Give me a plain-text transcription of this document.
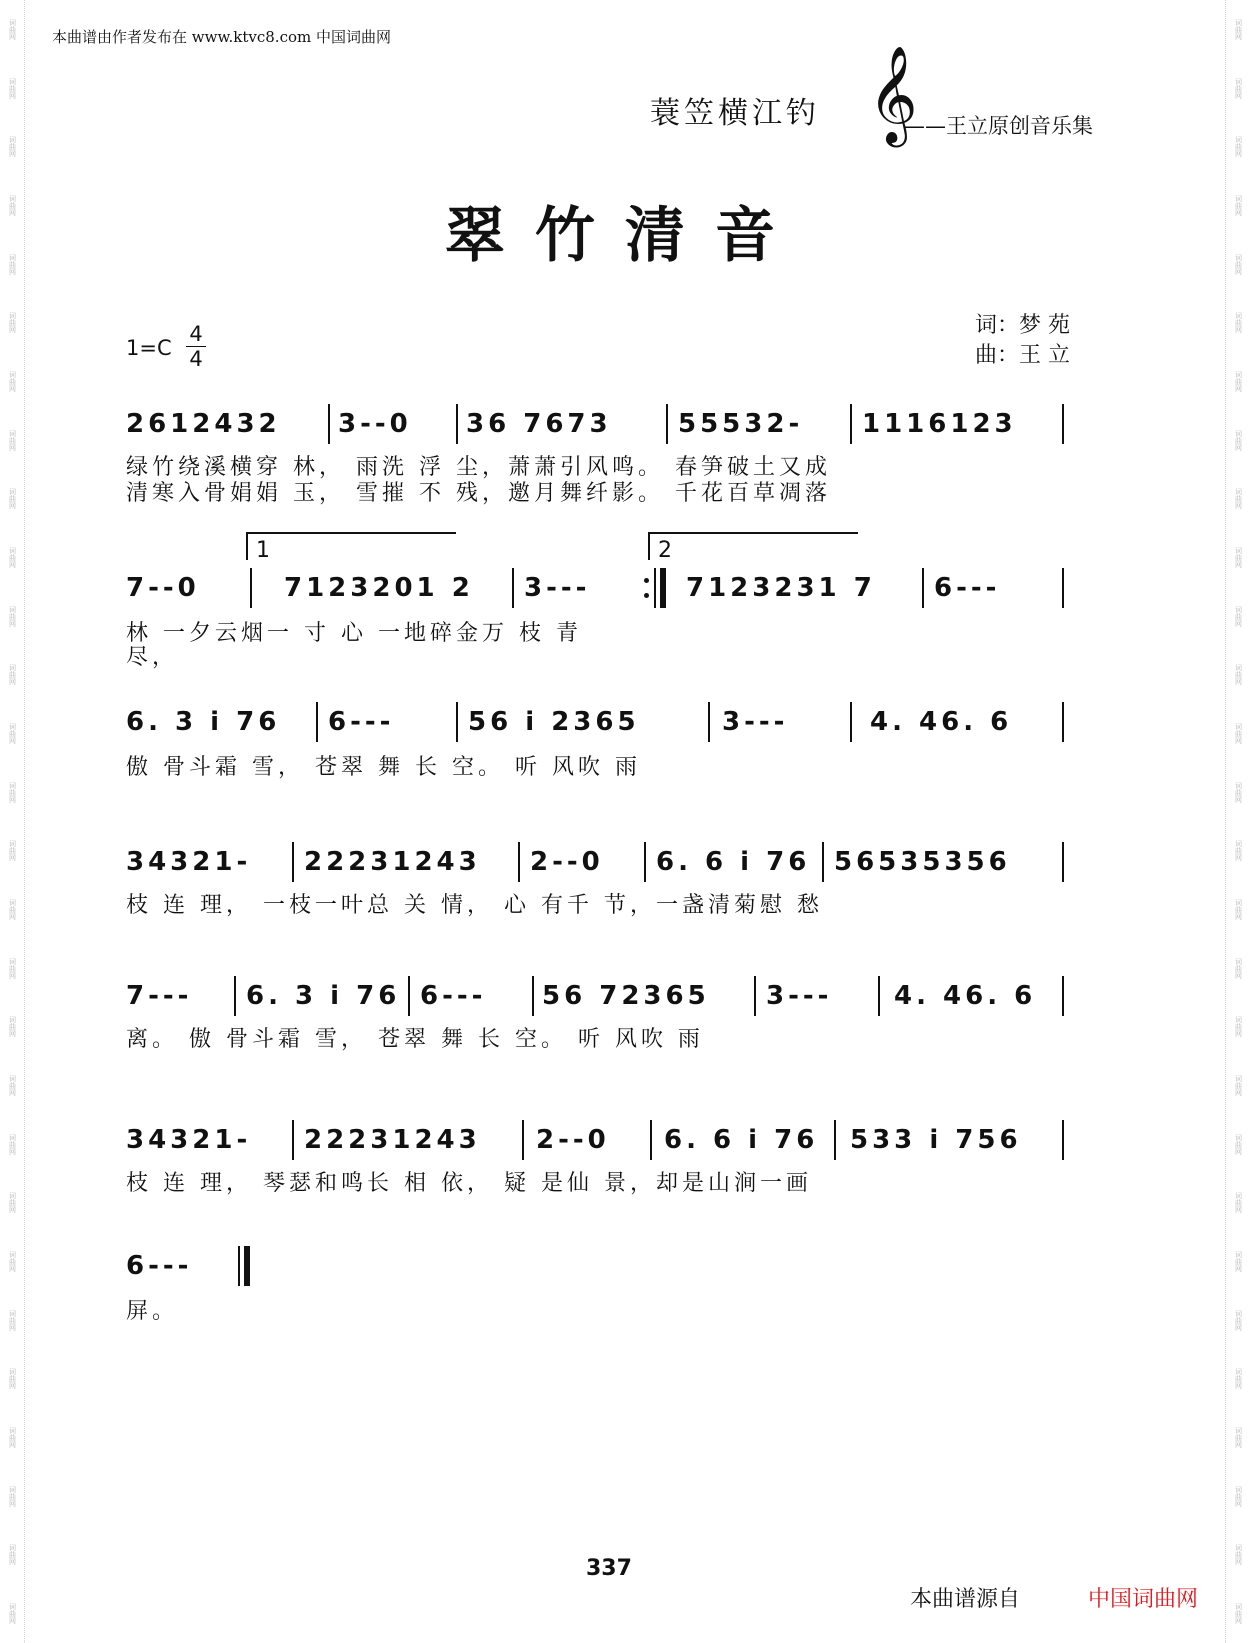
词曲网
词曲网
词曲网
词曲网
词曲网
词曲网
词曲网
词曲网
词曲网
词曲网
词曲网
词曲网
词曲网
词曲网
词曲网
词曲网
词曲网
词曲网
词曲网
词曲网
词曲网
词曲网
词曲网
词曲网
词曲网
词曲网
词曲网
词曲网
词曲网
词曲网
词曲网
词曲网
词曲网
词曲网
词曲网
词曲网
词曲网
词曲网
词曲网
词曲网
词曲网
词曲网
词曲网
词曲网
词曲网
词曲网
词曲网
词曲网
词曲网
词曲网
词曲网
词曲网
词曲网
词曲网
词曲网
词曲网
本曲谱由作者发布在 www.ktvc8.com 中国词曲网
蓑笠横江钓 𝄞
——王立原创音乐集
翠竹清音
1=C
4
4
词：梦 苑
曲：王 立
2612432 3--0 36 7673	55532- 1116123
绿竹绕溪横穿 林， 雨洗 浮 尘，萧萧引风鸣。 春笋破土又成
清寒入骨娟娟 玉， 雪摧 不 残，邀月舞纤影。 千花百草凋落
1	2
7--0	7123201 2 3---	7123231 7 6---
林 一夕云烟一 寸 心 一地碎金万 枝 青
尽，
6. 3 i 76 6---	56 i 2365	3---	4. 46. 6
傲 骨斗霜 雪， 苍翠 舞 长 空。 听 风吹 雨
34321- 22231243 2--0 6. 6 i 76 56535356
枝 连 理， 一枝一叶总 关 情， 心 有千 节，一盏清菊慰 愁
7--- 6. 3 i 76 6--- 56 72365 3--- 4. 46. 6
离。 傲 骨斗霜 雪， 苍翠 舞 长 空。 听 风吹 雨
34321- 22231243 2--0 6. 6 i 76 533 i 756
枝 连 理， 琴瑟和鸣长 相 依， 疑 是仙 景，却是山涧一画
6---
屏。
337
本曲谱源自	中国词曲网
